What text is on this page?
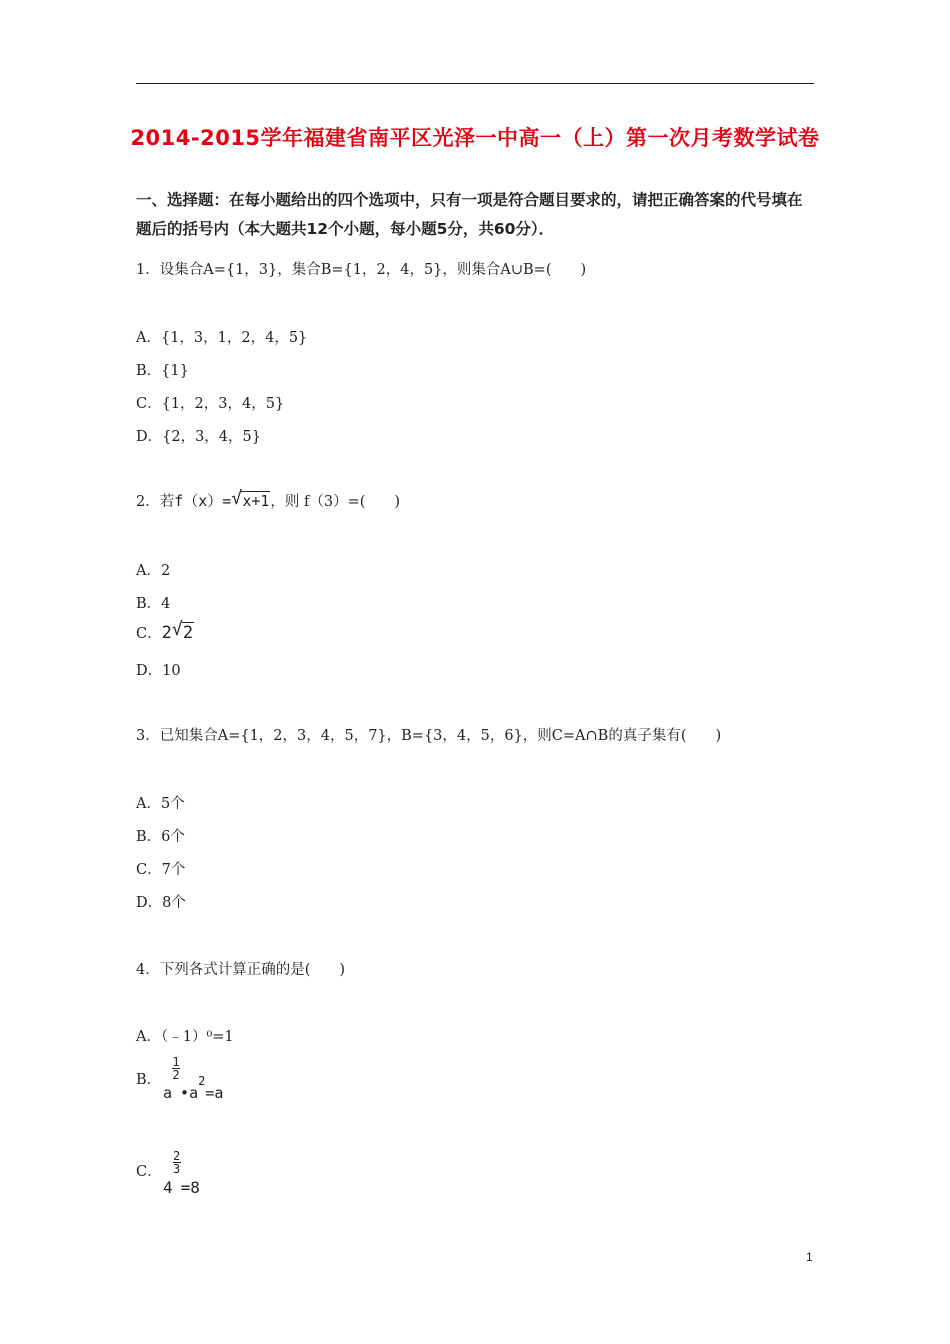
2014-2015学年福建省南平区光泽一中高一（上）第一次月考数学试卷
一、选择题：在每小题给出的四个选项中，只有一项是符合题目要求的，请把正确答案的代号填在题后的括号内（本大题共12个小题，每小题5分，共60分）．
1．设集合A={1，3}，集合B={1，2，4，5}，则集合A∪B=(　　)
A．{1，3，1，2，4，5}
B．{1}
C．{1，2，3，4，5}
D．{2，3，4，5}
2．若f（x）= √ x+1，则 f（3）=(　　)
A．2
B．4
C．2 √ 2
D．10
3．已知集合A={1，2，3，4，5，7}，B={3，4，5，6}，则C=A∩B的真子集有(　　)
A．5个
B．6个
C．7个
D．8个
4．下列各式计算正确的是(　　)
A．（﹣1）⁰=1
B．
a
$\frac{1}{2}$
•a2=a
C．
4
$\frac{2}{3}$
=8
1
